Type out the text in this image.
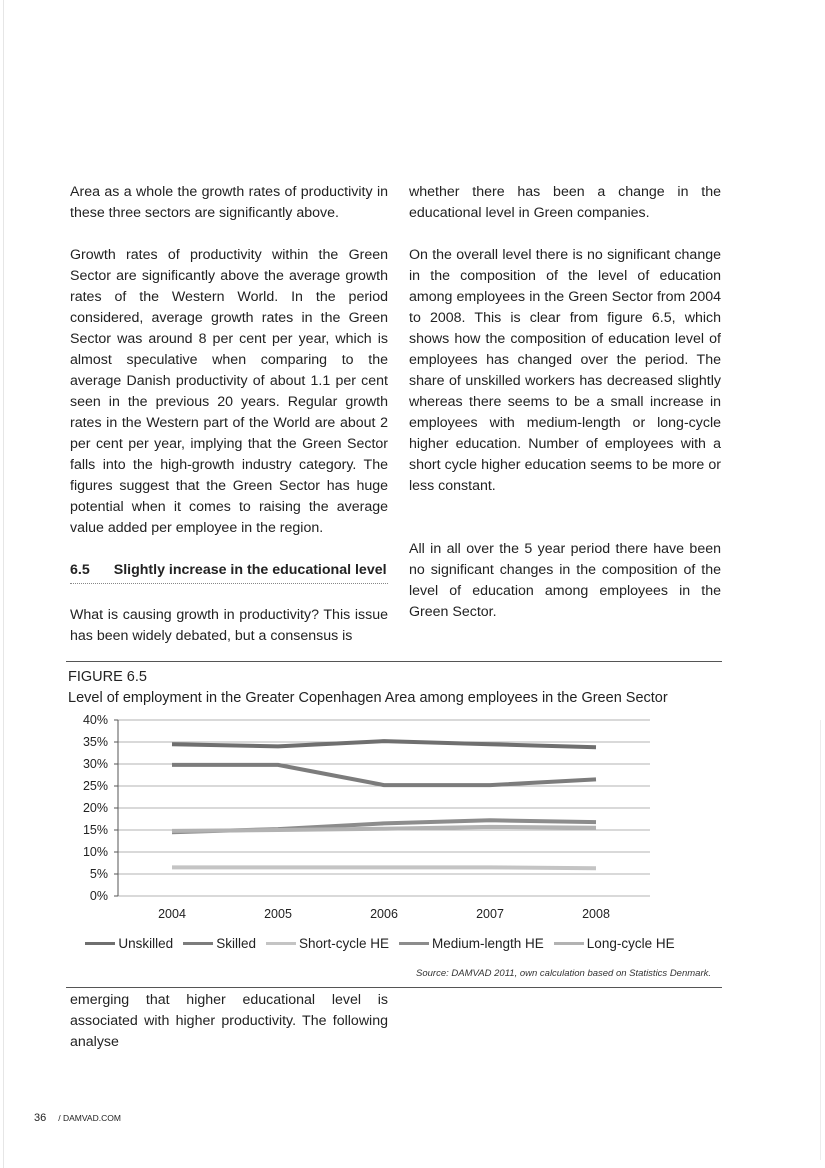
Area as a whole the growth rates of productivity in these three sectors are significantly above.

Growth rates of productivity within the Green Sector are significantly above the average growth rates of the Western World. In the period considered, average growth rates in the Green Sector was around 8 per cent per year, which is almost speculative when comparing to the average Danish productivity of about 1.1 per cent seen in the previous 20 years. Regular growth rates in the Western part of the World are about 2 per cent per year, implying that the Green Sector falls into the high-growth industry category. The figures suggest that the Green Sector has huge potential when it comes to raising the average value added per employee in the region.

6.5 Slightly increase in the educational level

What is causing growth in productivity? This issue has been widely debated, but a consensus is

whether there has been a change in the educational level in Green companies.

On the overall level there is no significant change in the composition of the level of education among employees in the Green Sector from 2004 to 2008. This is clear from figure 6.5, which shows how the composition of education level of employees has changed over the period. The share of unskilled workers has decreased slightly whereas there seems to be a small increase in employees with medium-length or long-cycle higher education. Number of employees with a short cycle higher education seems to be more or less constant.

All in all over the 5 year period there have been no significant changes in the composition of the level of education among employees in the Green Sector.

FIGURE 6.5
Level of employment in the Greater Copenhagen Area among employees in the Green Sector
0%
5%
10%
15%
20%
25%
30%
35%
40%
2004	2005	2006	2007	2008
Unskilled	Skilled	Short-cycle HE	Medium-length HE	Long-cycle HE
Source: DAMVAD 2011, own calculation based on Statistics Denmark.

emerging that higher educational level is associated with higher productivity. The following analyse

36 / DAMVAD.COM
